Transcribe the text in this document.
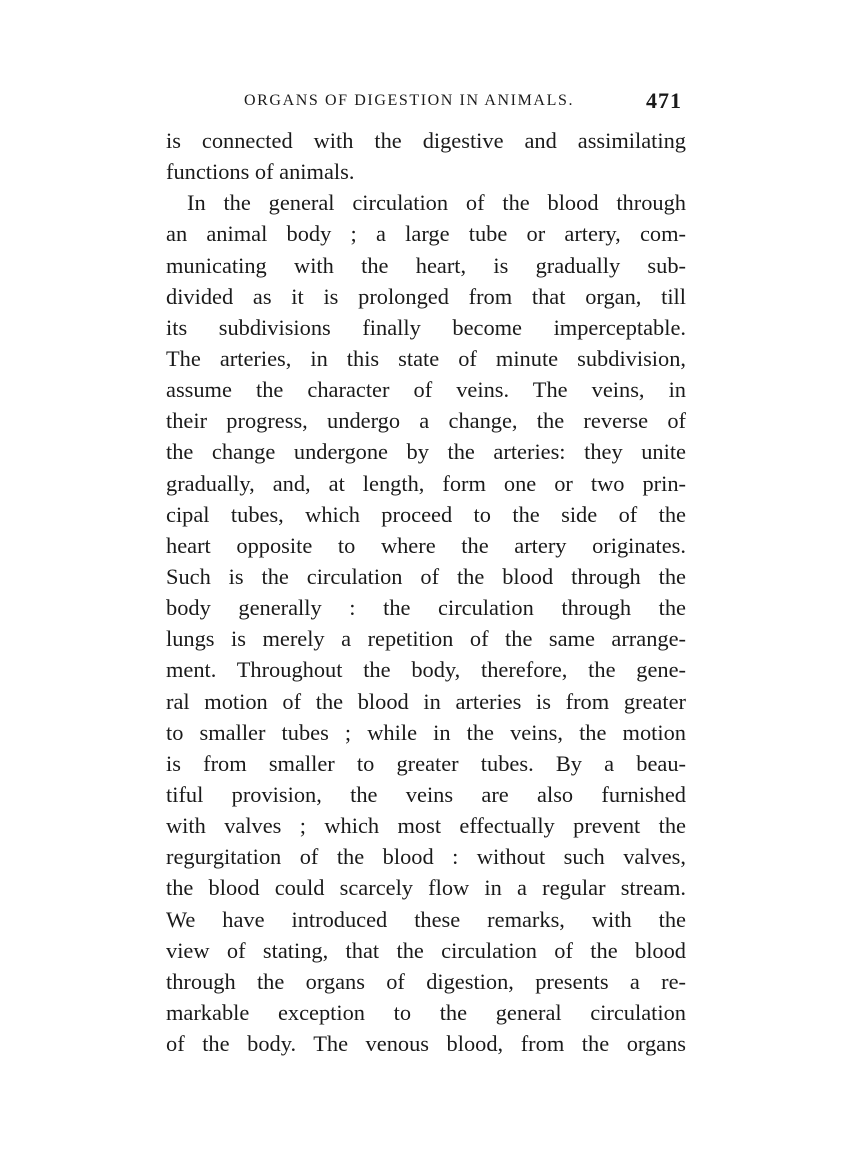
ORGANS OF DIGESTION IN ANIMALS.	471
is connected with the digestive and assimilating
functions of animals.
In the general circulation of the blood through
an animal body ; a large tube or artery, com-
municating with the heart, is gradually sub-
divided as it is prolonged from that organ, till
its subdivisions finally become imperceptable.
The arteries, in this state of minute subdivision,
assume the character of veins. The veins, in
their progress, undergo a change, the reverse of
the change undergone by the arteries: they unite
gradually, and, at length, form one or two prin-
cipal tubes, which proceed to the side of the
heart opposite to where the artery originates.
Such is the circulation of the blood through the
body generally : the circulation through the
lungs is merely a repetition of the same arrange-
ment. Throughout the body, therefore, the gene-
ral motion of the blood in arteries is from greater
to smaller tubes ; while in the veins, the motion
is from smaller to greater tubes. By a beau-
tiful provision, the veins are also furnished
with valves ; which most effectually prevent the
regurgitation of the blood : without such valves,
the blood could scarcely flow in a regular stream.
We have introduced these remarks, with the
view of stating, that the circulation of the blood
through the organs of digestion, presents a re-
markable exception to the general circulation
of the body. The venous blood, from the organs
